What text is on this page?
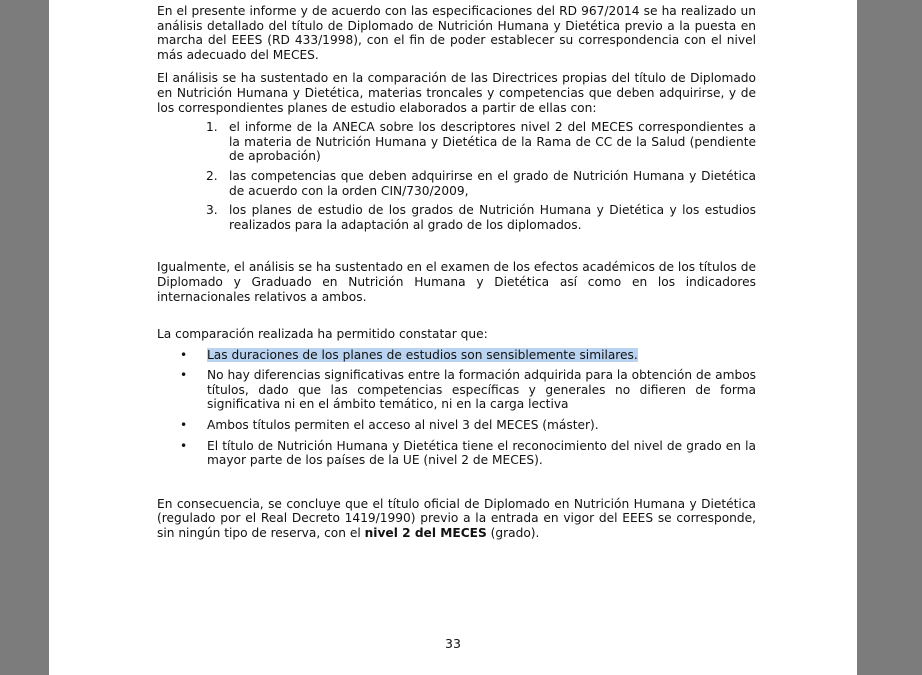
En el presente informe y de acuerdo con las especificaciones del RD 967/2014 se ha realizado un análisis detallado del título de Diplomado de Nutrición Humana y Dietética previo a la puesta en marcha del EEES (RD 433/1998), con el fin de poder establecer su correspondencia con el nivel más adecuado del MECES.

El análisis se ha sustentado en la comparación de las Directrices propias del título de Diplomado en Nutrición Humana y Dietética, materias troncales y competencias que deben adquirirse, y de los correspondientes planes de estudio elaborados a partir de ellas con:

1. el informe de la ANECA sobre los descriptores nivel 2 del MECES correspondientes a la materia de Nutrición Humana y Dietética de la Rama de CC de la Salud (pendiente de aprobación)
2. las competencias que deben adquirirse en el grado de Nutrición Humana y Dietética de acuerdo con la orden CIN/730/2009,
3. los planes de estudio de los grados de Nutrición Humana y Dietética y los estudios realizados para la adaptación al grado de los diplomados.

Igualmente, el análisis se ha sustentado en el examen de los efectos académicos de los títulos de Diplomado y Graduado en Nutrición Humana y Dietética así como en los indicadores internacionales relativos a ambos.

La comparación realizada ha permitido constatar que:

• Las duraciones de los planes de estudios son sensiblemente similares.
• No hay diferencias significativas entre la formación adquirida para la obtención de ambos títulos, dado que las competencias específicas y generales no difieren de forma significativa ni en el ámbito temático, ni en la carga lectiva
• Ambos títulos permiten el acceso al nivel 3 del MECES (máster).
• El título de Nutrición Humana y Dietética tiene el reconocimiento del nivel de grado en la mayor parte de los países de la UE (nivel 2 de MECES).

En consecuencia, se concluye que el título oficial de Diplomado en Nutrición Humana y Dietética (regulado por el Real Decreto 1419/1990) previo a la entrada en vigor del EEES se corresponde, sin ningún tipo de reserva, con el nivel 2 del MECES (grado).

33
